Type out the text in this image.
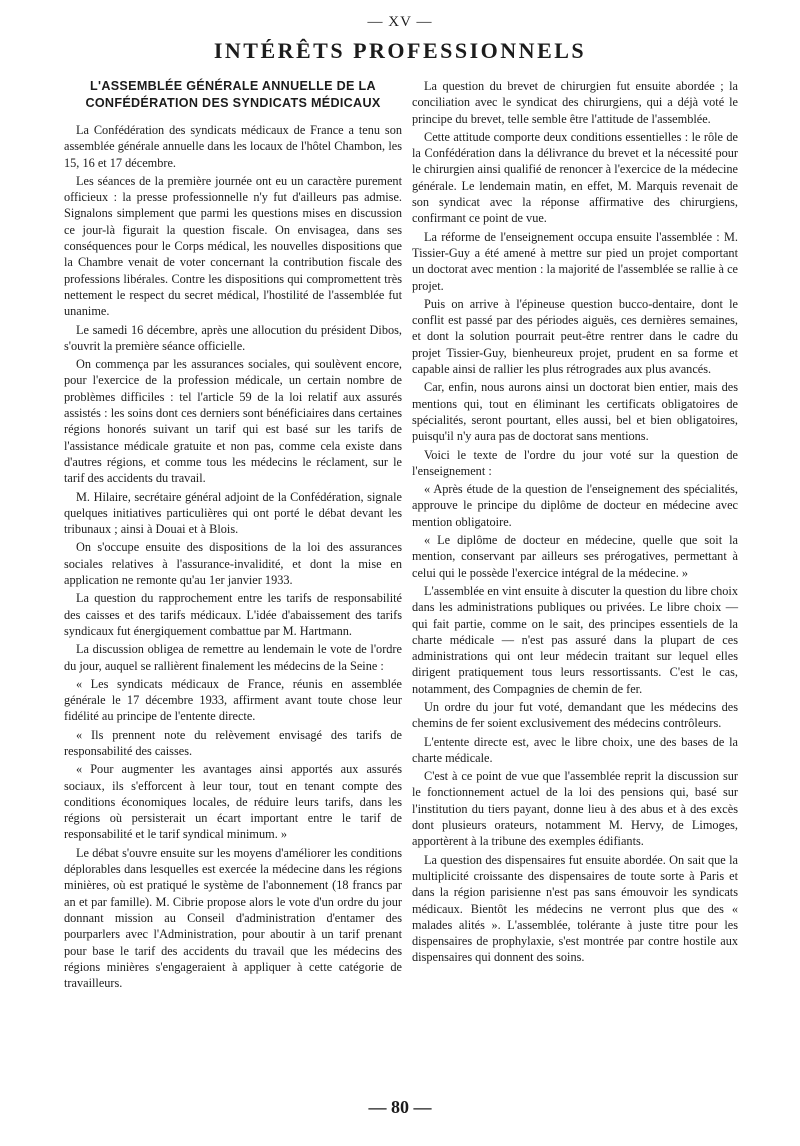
— XV —
INTÉRÊTS PROFESSIONNELS
L'ASSEMBLÉE GÉNÉRALE ANNUELLE DE LA CONFÉDÉRATION DES SYNDICATS MÉDICAUX

La Confédération des syndicats médicaux de France a tenu son assemblée générale annuelle dans les locaux de l'hôtel Chambon, les 15, 16 et 17 décembre.

Les séances de la première journée ont eu un caractère purement officieux : la presse professionnelle n'y fut d'ailleurs pas admise. Signalons simplement que parmi les questions mises en discussion ce jour-là figurait la question fiscale. On envisagea, dans ses conséquences pour le Corps médical, les nouvelles dispositions que la Chambre venait de voter concernant la contribution fiscale des professions libérales. Contre les dispositions qui compromettent très nettement le respect du secret médical, l'hostilité de l'assemblée fut unanime.

Le samedi 16 décembre, après une allocution du président Dibos, s'ouvrit la première séance officielle.

On commença par les assurances sociales, qui soulèvent encore, pour l'exercice de la profession médicale, un certain nombre de problèmes difficiles : tel l'article 59 de la loi relatif aux assurés assistés : les soins dont ces derniers sont bénéficiaires dans certaines régions honorés suivant un tarif qui est basé sur les tarifs de l'assistance médicale gratuite et non pas, comme cela existe dans d'autres régions, et comme tous les médecins le réclament, sur le tarif des accidents du travail.

M. Hilaire, secrétaire général adjoint de la Confédération, signale quelques initiatives particulières qui ont porté le débat devant les tribunaux ; ainsi à Douai et à Blois.

On s'occupe ensuite des dispositions de la loi des assurances sociales relatives à l'assurance-invalidité, et dont la mise en application ne remonte qu'au 1er janvier 1933.

La question du rapprochement entre les tarifs de responsabilité des caisses et des tarifs médicaux. L'idée d'abaissement des tarifs syndicaux fut énergiquement combattue par M. Hartmann.

La discussion obligea de remettre au lendemain le vote de l'ordre du jour, auquel se rallièrent finalement les médecins de la Seine :

« Les syndicats médicaux de France, réunis en assemblée générale le 17 décembre 1933, affirment avant toute chose leur fidélité au principe de l'entente directe.

« Ils prennent note du relèvement envisagé des tarifs de responsabilité des caisses.

« Pour augmenter les avantages ainsi apportés aux assurés sociaux, ils s'efforcent à leur tour, tout en tenant compte des conditions économiques locales, de réduire leurs tarifs, dans les régions où persisterait un écart important entre le tarif de responsabilité et le tarif syndical minimum. »

Le débat s'ouvre ensuite sur les moyens d'améliorer les conditions déplorables dans lesquelles est exercée la médecine dans les régions minières, où est pratiqué le système de l'abonnement (18 francs par an et par famille). M. Cibrie propose alors le vote d'un ordre du jour donnant mission au Conseil d'administration d'entamer des pourparlers avec l'Administration, pour aboutir à un tarif prenant pour base le tarif des accidents du travail que les médecins des régions minières s'engageraient à appliquer à cette catégorie de travailleurs.

La question du brevet de chirurgien fut ensuite abordée ; la conciliation avec le syndicat des chirurgiens, qui a déjà voté le principe du brevet, telle semble être l'attitude de l'assemblée.

Cette attitude comporte deux conditions essentielles : le rôle de la Confédération dans la délivrance du brevet et la nécessité pour le chirurgien ainsi qualifié de renoncer à l'exercice de la médecine générale. Le lendemain matin, en effet, M. Marquis revenait de son syndicat avec la réponse affirmative des chirurgiens, confirmant ce point de vue.

La réforme de l'enseignement occupa ensuite l'assemblée : M. Tissier-Guy a été amené à mettre sur pied un projet comportant un doctorat avec mention : la majorité de l'assemblée se rallie à ce projet.

Puis on arrive à l'épineuse question bucco-dentaire, dont le conflit est passé par des périodes aiguës, ces dernières semaines, et dont la solution pourrait peut-être rentrer dans le cadre du projet Tissier-Guy, bienheureux projet, prudent en sa forme et capable ainsi de rallier les plus rétrogrades aux plus avancés.

Car, enfin, nous aurons ainsi un doctorat bien entier, mais des mentions qui, tout en éliminant les certificats obligatoires de spécialités, seront pourtant, elles aussi, bel et bien obligatoires, puisqu'il n'y aura pas de doctorat sans mentions.

Voici le texte de l'ordre du jour voté sur la question de l'enseignement :

« Après étude de la question de l'enseignement des spécialités, approuve le principe du diplôme de docteur en médecine avec mention obligatoire.

« Le diplôme de docteur en médecine, quelle que soit la mention, conservant par ailleurs ses prérogatives, permettant à celui qui le possède l'exercice intégral de la médecine. »

L'assemblée en vint ensuite à discuter la question du libre choix dans les administrations publiques ou privées. Le libre choix — qui fait partie, comme on le sait, des principes essentiels de la charte médicale — n'est pas assuré dans la plupart de ces administrations qui ont leur médecin traitant sur lequel elles dirigent pratiquement tous leurs ressortissants. C'est le cas, notamment, des Compagnies de chemin de fer.

Un ordre du jour fut voté, demandant que les médecins des chemins de fer soient exclusivement des médecins contrôleurs.

L'entente directe est, avec le libre choix, une des bases de la charte médicale.

C'est à ce point de vue que l'assemblée reprit la discussion sur le fonctionnement actuel de la loi des pensions qui, basé sur l'institution du tiers payant, donne lieu à des abus et à des excès dont plusieurs orateurs, notamment M. Hervy, de Limoges, apportèrent à la tribune des exemples édifiants.

La question des dispensaires fut ensuite abordée. On sait que la multiplicité croissante des dispensaires de toute sorte à Paris et dans la région parisienne n'est pas sans émouvoir les syndicats médicaux. Bientôt les médecins ne verront plus que des « malades alités ». L'assemblée, tolérante à juste titre pour les dispensaires de prophylaxie, s'est montrée par contre hostile aux dispensaires qui donnent des soins.

— 80 —
